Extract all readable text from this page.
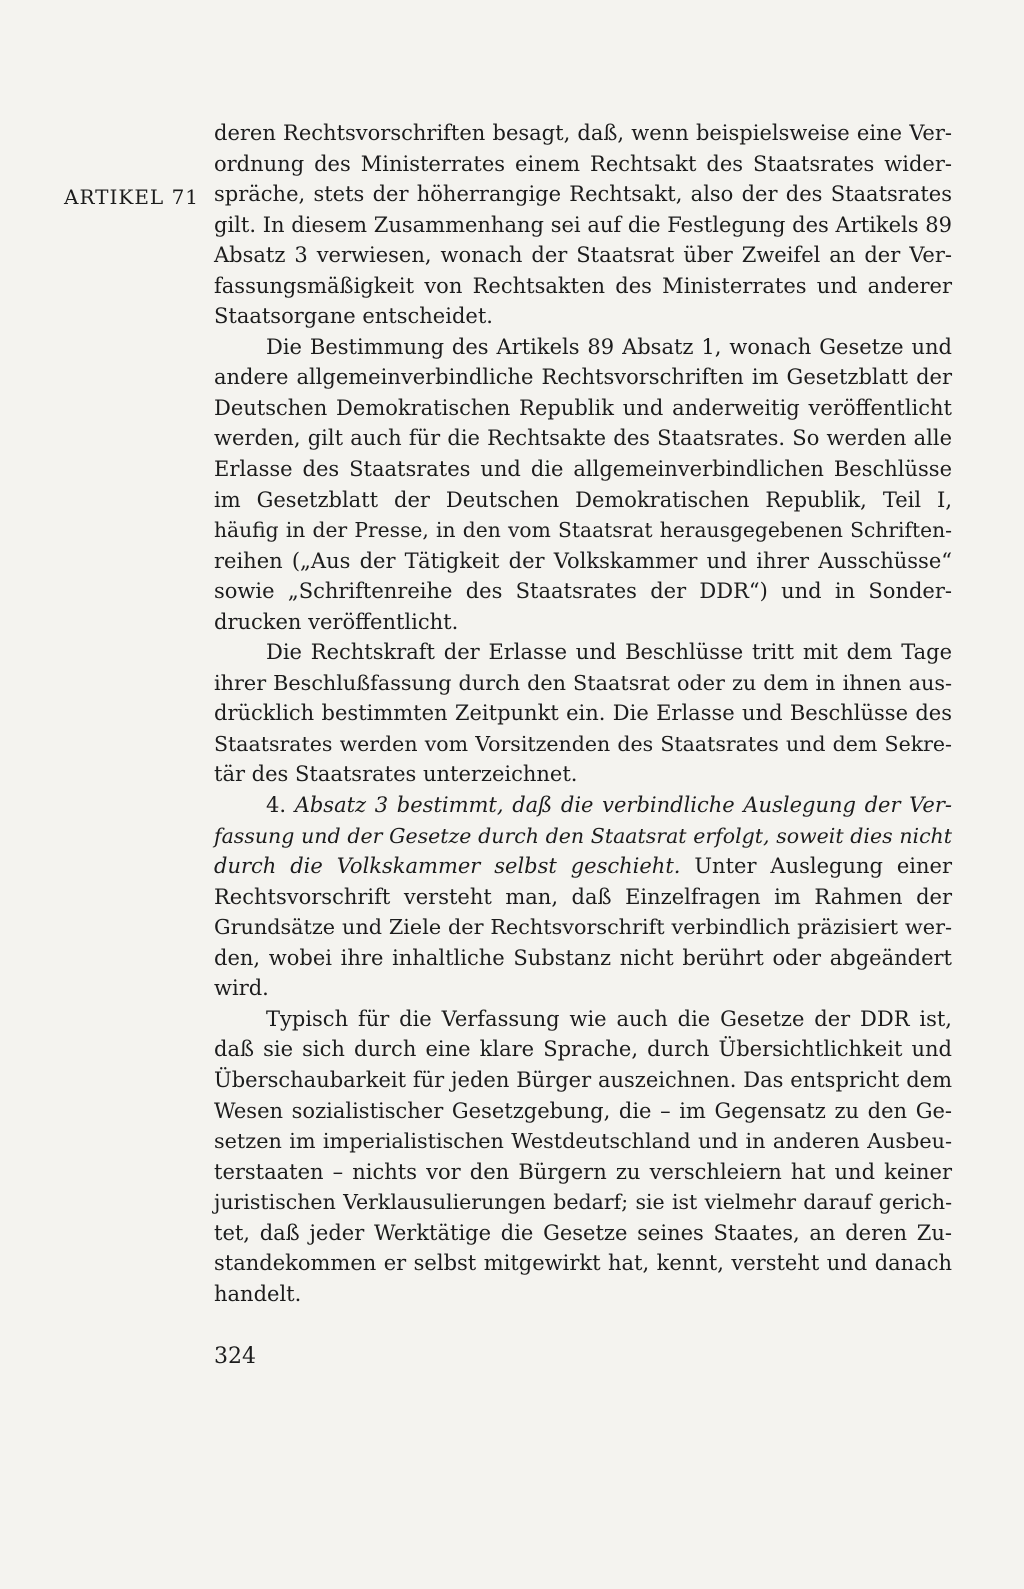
ARTIKEL 71
deren Rechtsvorschriften besagt, daß, wenn beispielsweise eine Ver-
ordnung des Ministerrates einem Rechtsakt des Staatsrates wider-
spräche, stets der höherrangige Rechtsakt, also der des Staatsrates
gilt. In diesem Zusammenhang sei auf die Festlegung des Artikels 89
Absatz 3 verwiesen, wonach der Staatsrat über Zweifel an der Ver-
fassungsmäßigkeit von Rechtsakten des Ministerrates und anderer
Staatsorgane entscheidet.
Die Bestimmung des Artikels 89 Absatz 1, wonach Gesetze und
andere allgemeinverbindliche Rechtsvorschriften im Gesetzblatt der
Deutschen Demokratischen Republik und anderweitig veröffentlicht
werden, gilt auch für die Rechtsakte des Staatsrates. So werden alle
Erlasse des Staatsrates und die allgemeinverbindlichen Beschlüsse
im Gesetzblatt der Deutschen Demokratischen Republik, Teil I,
häufig in der Presse, in den vom Staatsrat herausgegebenen Schriften-
reihen („Aus der Tätigkeit der Volkskammer und ihrer Ausschüsse“
sowie „Schriftenreihe des Staatsrates der DDR“) und in Sonder-
drucken veröffentlicht.
Die Rechtskraft der Erlasse und Beschlüsse tritt mit dem Tage
ihrer Beschlußfassung durch den Staatsrat oder zu dem in ihnen aus-
drücklich bestimmten Zeitpunkt ein. Die Erlasse und Beschlüsse des
Staatsrates werden vom Vorsitzenden des Staatsrates und dem Sekre-
tär des Staatsrates unterzeichnet.
4. Absatz 3 bestimmt, daß die verbindliche Auslegung der Ver-
fassung und der Gesetze durch den Staatsrat erfolgt, soweit dies nicht
durch die Volkskammer selbst geschieht. Unter Auslegung einer
Rechtsvorschrift versteht man, daß Einzelfragen im Rahmen der
Grundsätze und Ziele der Rechtsvorschrift verbindlich präzisiert wer-
den, wobei ihre inhaltliche Substanz nicht berührt oder abgeändert
wird.
Typisch für die Verfassung wie auch die Gesetze der DDR ist,
daß sie sich durch eine klare Sprache, durch Übersichtlichkeit und
Überschaubarkeit für jeden Bürger auszeichnen. Das entspricht dem
Wesen sozialistischer Gesetzgebung, die – im Gegensatz zu den Ge-
setzen im imperialistischen Westdeutschland und in anderen Ausbeu-
terstaaten – nichts vor den Bürgern zu verschleiern hat und keiner
juristischen Verklausulierungen bedarf; sie ist vielmehr darauf gerich-
tet, daß jeder Werktätige die Gesetze seines Staates, an deren Zu-
standekommen er selbst mitgewirkt hat, kennt, versteht und danach
handelt.
324
